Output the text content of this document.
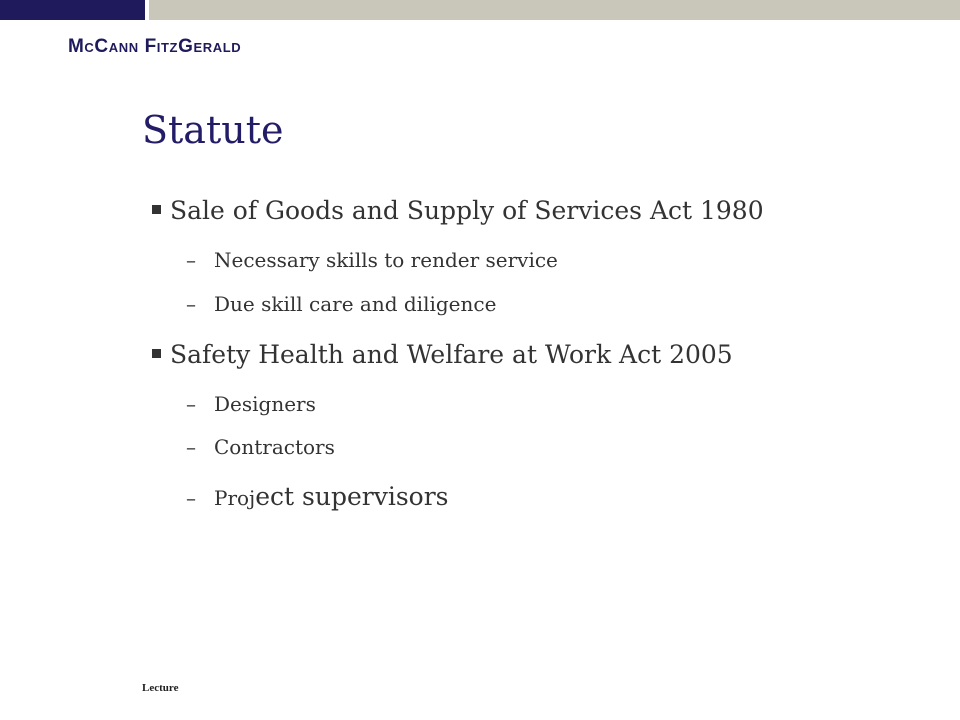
McCann FitzGerald
Statute
Sale of Goods and Supply of Services Act 1980
– Necessary skills to render service
– Due skill care and diligence
Safety Health and Welfare at Work Act 2005
– Designers
– Contractors
– Project supervisors
Lecture
